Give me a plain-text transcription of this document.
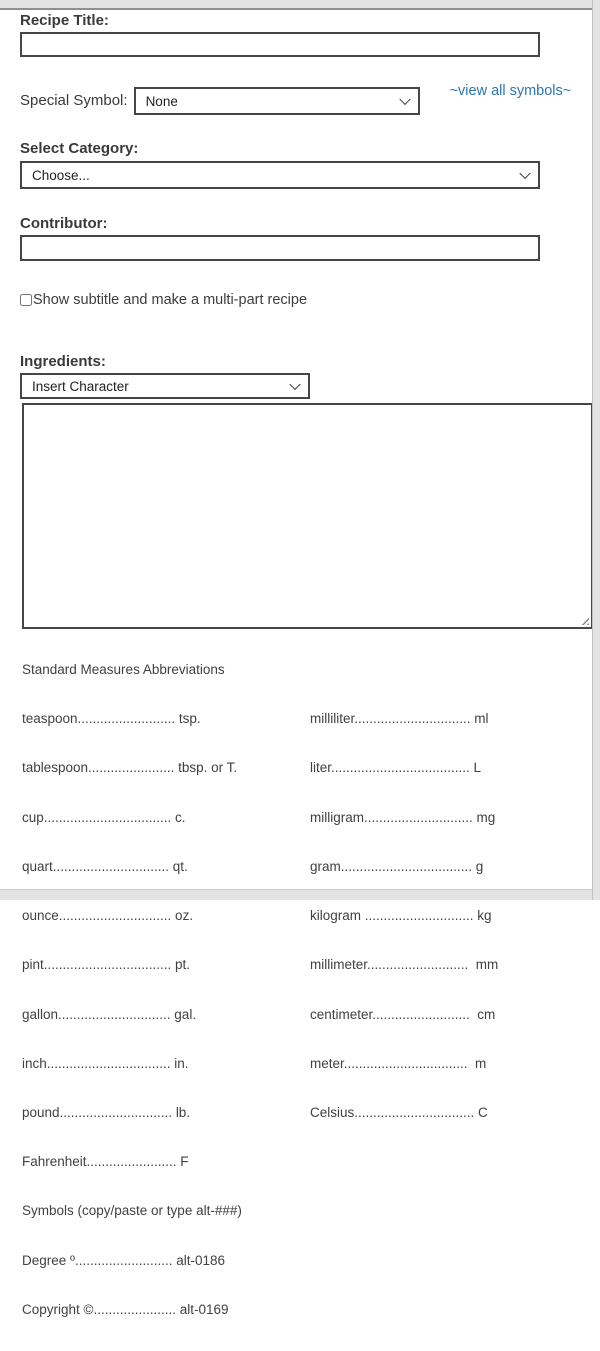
Recipe Title:
Special Symbol:
None
~view all symbols~
Select Category:
Choose...
Contributor:
Show subtitle and make a multi-part recipe
Ingredients:
Insert Character
Standard Measures Abbreviations

teaspoon.......................... tsp.

tablespoon....................... tbsp. or T.

cup.................................. c.

quart............................... qt.

ounce.............................. oz.

pint.................................. pt.

gallon.............................. gal.

inch................................. in.

pound.............................. lb.

Fahrenheit........................ F

Symbols (copy/paste or type alt-###)

Degree º.......................... alt-0186

Copyright ©...................... alt-0169

milliliter............................... ml

liter..................................... L

milligram............................. mg

gram................................... g

kilogram ............................. kg

millimeter...........................  mm

centimeter..........................  cm

meter.................................  m

Celsius................................ C
